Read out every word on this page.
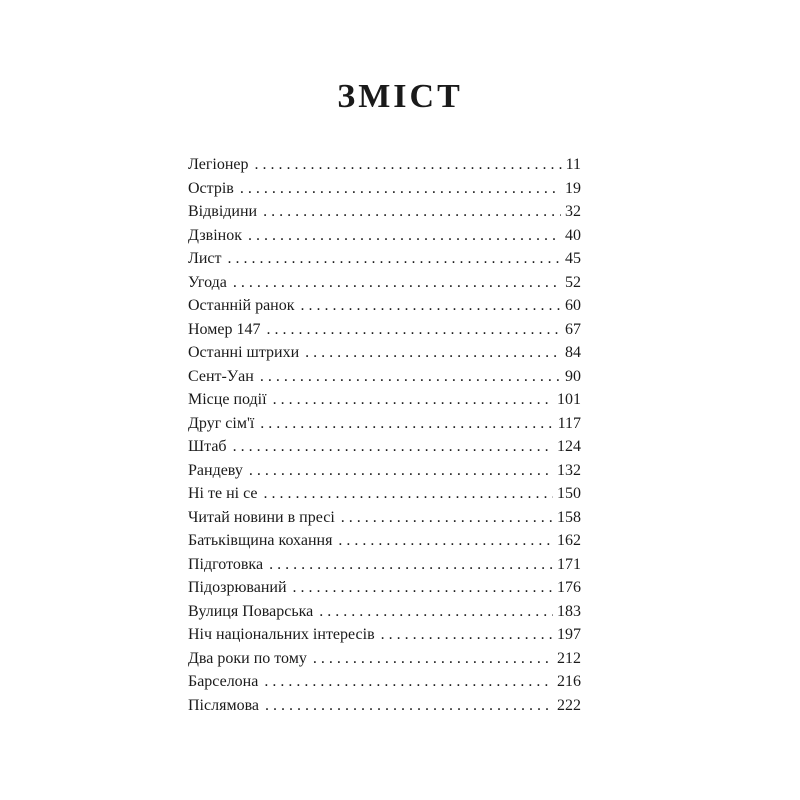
ЗМІСТ
Легіонер . . .	11
Острів . . .	19
Відвідини . . .	32
Дзвінок . . .	40
Лист . . .	45
Угода . . .	52
Останній ранок . . .	60
Номер 147 . . .	67
Останні штрихи . . .	84
Сент-Уан . . .	90
Місце події . . .	101
Друг сім'ї . . .	117
Штаб . . .	124
Рандеву . . .	132
Ні те ні се . . .	150
Читай новини в пресі . . .	158
Батьківщина кохання . . .	162
Підготовка . . .	171
Підозрюваний . . .	176
Вулиця Поварська . . .	183
Ніч національних інтересів . . .	197
Два роки по тому . . .	212
Барселона . . .	216
Післямова . . .	222
